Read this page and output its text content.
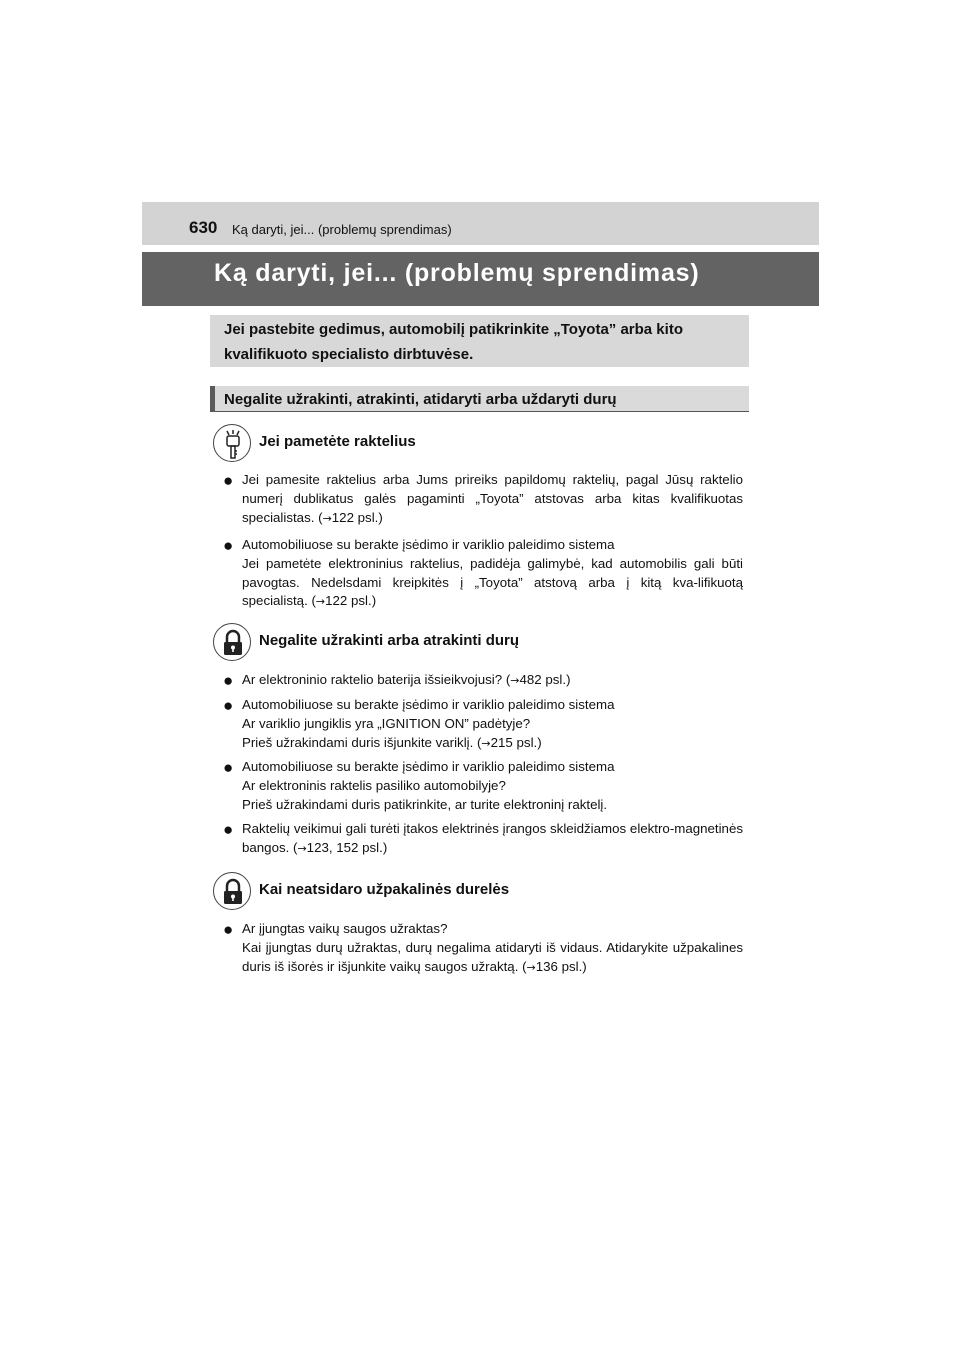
630 Ką daryti, jei... (problemų sprendimas)
Ką daryti, jei... (problemų sprendimas)
Jei pastebite gedimus, automobilį patikrinkite „Toyota” arba kito kvalifikuoto specialisto dirbtuvėse.
Negalite užrakinti, atrakinti, atidaryti arba uždaryti durų
Jei pametėte raktelius
● Jei pamesite raktelius arba Jums prireiks papildomų raktelių, pagal Jūsų raktelio numerį dublikatus galės pagaminti „Toyota” atstovas arba kitas kvalifikuotas specialistas. (→122 psl.)
● Automobiliuose su berakte įsėdimo ir variklio paleidimo sistema
Jei pametėte elektroninius raktelius, padidėja galimybė, kad automobilis gali būti pavogtas. Nedelsdami kreipkitės į „Toyota” atstovą arba į kitą kva-lifikuotą specialistą. (→122 psl.)
Negalite užrakinti arba atrakinti durų
● Ar elektroninio raktelio baterija išsieikvojusi? (→482 psl.)
● Automobiliuose su berakte įsėdimo ir variklio paleidimo sistema
Ar variklio jungiklis yra „IGNITION ON” padėtyje?
Prieš užrakindami duris išjunkite variklį. (→215 psl.)
● Automobiliuose su berakte įsėdimo ir variklio paleidimo sistema
Ar elektroninis raktelis pasiliko automobilyje?
Prieš užrakindami duris patikrinkite, ar turite elektroninį raktelį.
● Raktelių veikimui gali turėti įtakos elektrinės įrangos skleidžiamos elektro-magnetinės bangos. (→123, 152 psl.)
Kai neatsidaro užpakalinės durelės
● Ar įjungtas vaikų saugos užraktas?
Kai įjungtas durų užraktas, durų negalima atidaryti iš vidaus. Atidarykite užpakalines duris iš išorės ir išjunkite vaikų saugos užraktą. (→136 psl.)
